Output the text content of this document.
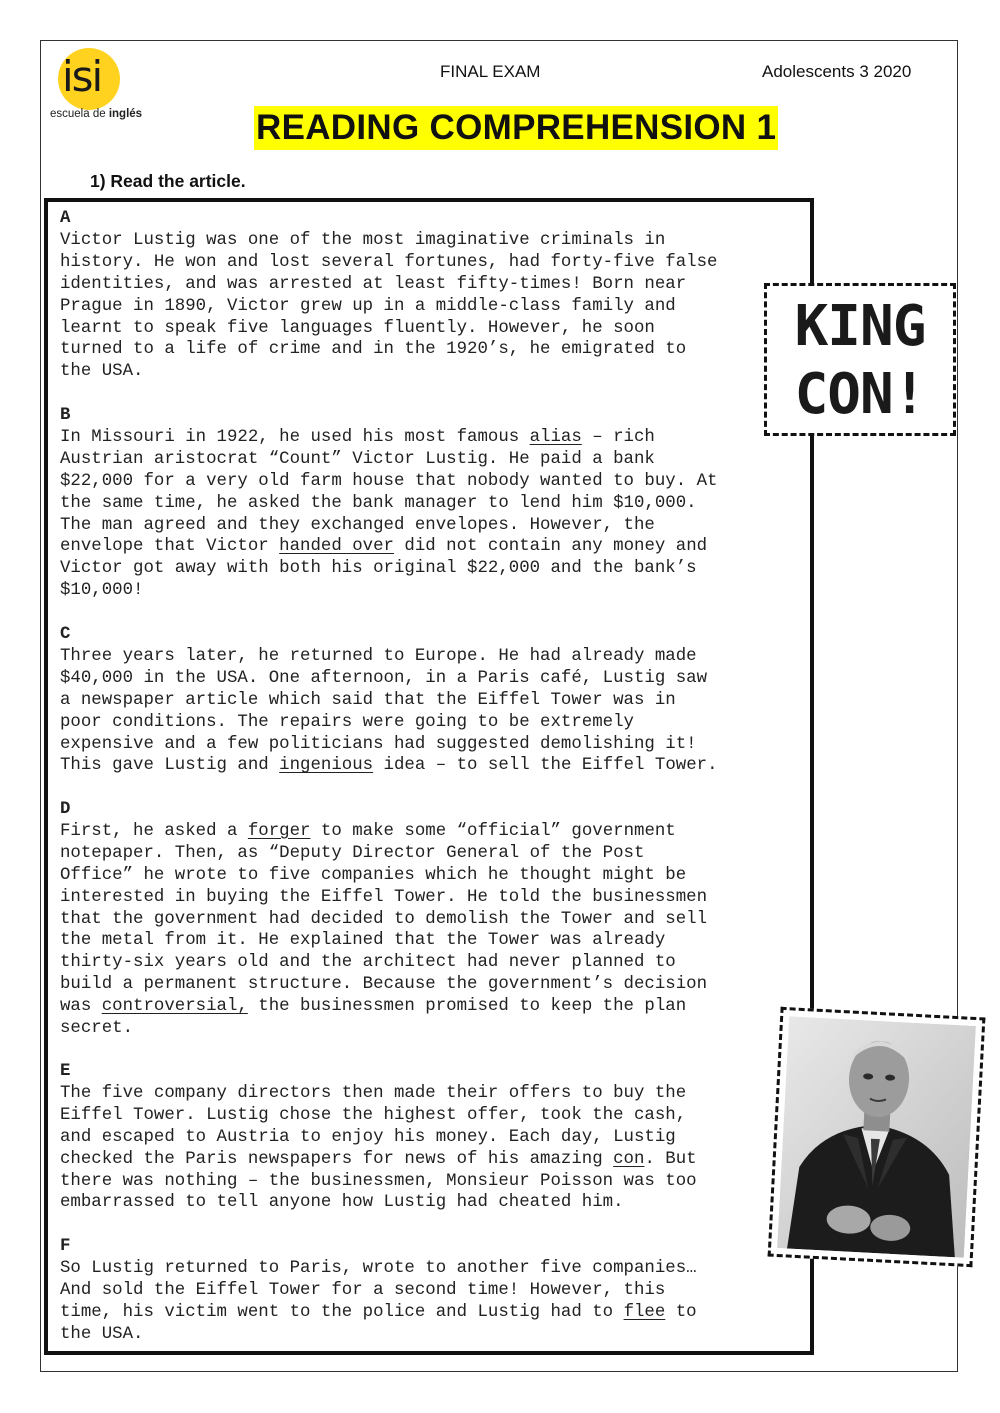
isi
escuela de inglés
FINAL EXAM	Adolescents 3 2020
READING COMPREHENSION 1
1) Read the article.
A
Victor Lustig was one of the most imaginative criminals in
history. He won and lost several fortunes, had forty-five false
identities, and was arrested at least fifty-times! Born near
Prague in 1890, Victor grew up in a middle-class family and
learnt to speak five languages fluently. However, he soon
turned to a life of crime and in the 1920’s, he emigrated to
the USA.
B
In Missouri in 1922, he used his most famous alias – rich
Austrian aristocrat “Count” Victor Lustig. He paid a bank
$22,000 for a very old farm house that nobody wanted to buy. At
the same time, he asked the bank manager to lend him $10,000.
The man agreed and they exchanged envelopes. However, the
envelope that Victor handed over did not contain any money and
Victor got away with both his original $22,000 and the bank’s
$10,000!
C
Three years later, he returned to Europe. He had already made
$40,000 in the USA. One afternoon, in a Paris café, Lustig saw
a newspaper article which said that the Eiffel Tower was in
poor conditions. The repairs were going to be extremely
expensive and a few politicians had suggested demolishing it!
This gave Lustig and ingenious idea – to sell the Eiffel Tower.
D
First, he asked a forger to make some “official” government
notepaper. Then, as “Deputy Director General of the Post
Office” he wrote to five companies which he thought might be
interested in buying the Eiffel Tower. He told the businessmen
that the government had decided to demolish the Tower and sell
the metal from it. He explained that the Tower was already
thirty-six years old and the architect had never planned to
build a permanent structure. Because the government’s decision
was controversial, the businessmen promised to keep the plan
secret.
E
The five company directors then made their offers to buy the
Eiffel Tower. Lustig chose the highest offer, took the cash,
and escaped to Austria to enjoy his money. Each day, Lustig
checked the Paris newspapers for news of his amazing con. But
there was nothing – the businessmen, Monsieur Poisson was too
embarrassed to tell anyone how Lustig had cheated him.
F
So Lustig returned to Paris, wrote to another five companies…
And sold the Eiffel Tower for a second time! However, this
time, his victim went to the police and Lustig had to flee to
the USA.
KING
CON!
